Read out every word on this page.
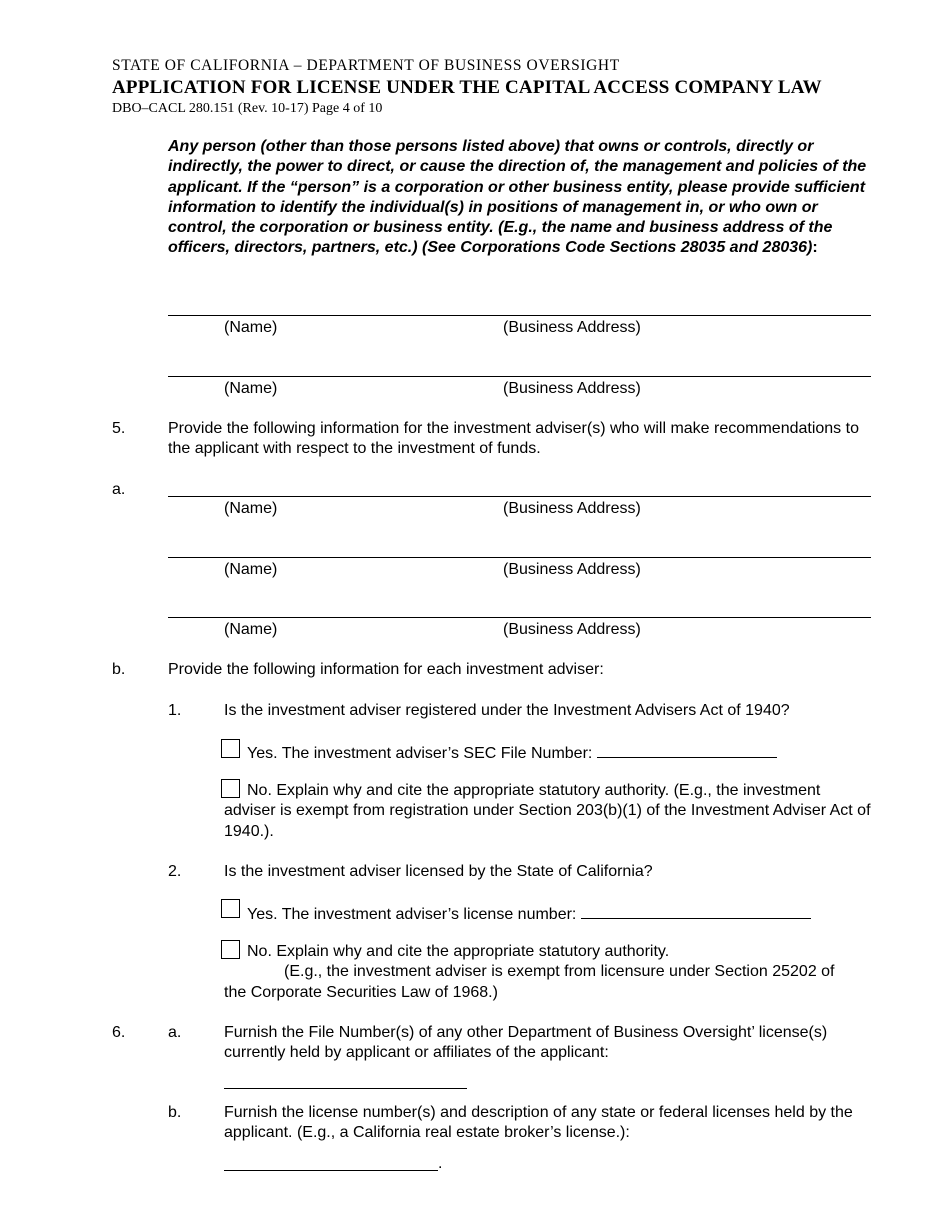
STATE OF CALIFORNIA – DEPARTMENT OF BUSINESS OVERSIGHT
APPLICATION FOR LICENSE UNDER THE CAPITAL ACCESS COMPANY LAW
DBO–CACL 280.151 (Rev. 10-17) Page 4 of 10
Any person (other than those persons listed above) that owns or controls, directly or indirectly, the power to direct, or cause the direction of, the management and policies of the applicant. If the “person” is a corporation or other business entity, please provide sufficient information to identify the individual(s) in positions of management in, or who own or control, the corporation or business entity. (E.g., the name and business address of the officers, directors, partners, etc.) (See Corporations Code Sections 28035 and 28036):
(Name)	(Business Address)
(Name)	(Business Address)
5.	Provide the following information for the investment adviser(s) who will make recommendations to the applicant with respect to the investment of funds.
a.
(Name)	(Business Address)
(Name)	(Business Address)
(Name)	(Business Address)
b.	Provide the following information for each investment adviser:
1.	Is the investment adviser registered under the Investment Advisers Act of 1940?
Yes. The investment adviser’s SEC File Number:
No. Explain why and cite the appropriate statutory authority. (E.g., the investment adviser is exempt from registration under Section 203(b)(1) of the Investment Adviser Act of 1940.).
2.	Is the investment adviser licensed by the State of California?
Yes. The investment adviser’s license number:
No. Explain why and cite the appropriate statutory authority.
(E.g., the investment adviser is exempt from licensure under Section 25202 of
the Corporate Securities Law of 1968.)
6.	a.	Furnish the File Number(s) of any other Department of Business Oversight’ license(s) currently held by applicant or affiliates of the applicant:
b.	Furnish the license number(s) and description of any state or federal licenses held by the applicant. (E.g., a California real estate broker’s license.):
.
